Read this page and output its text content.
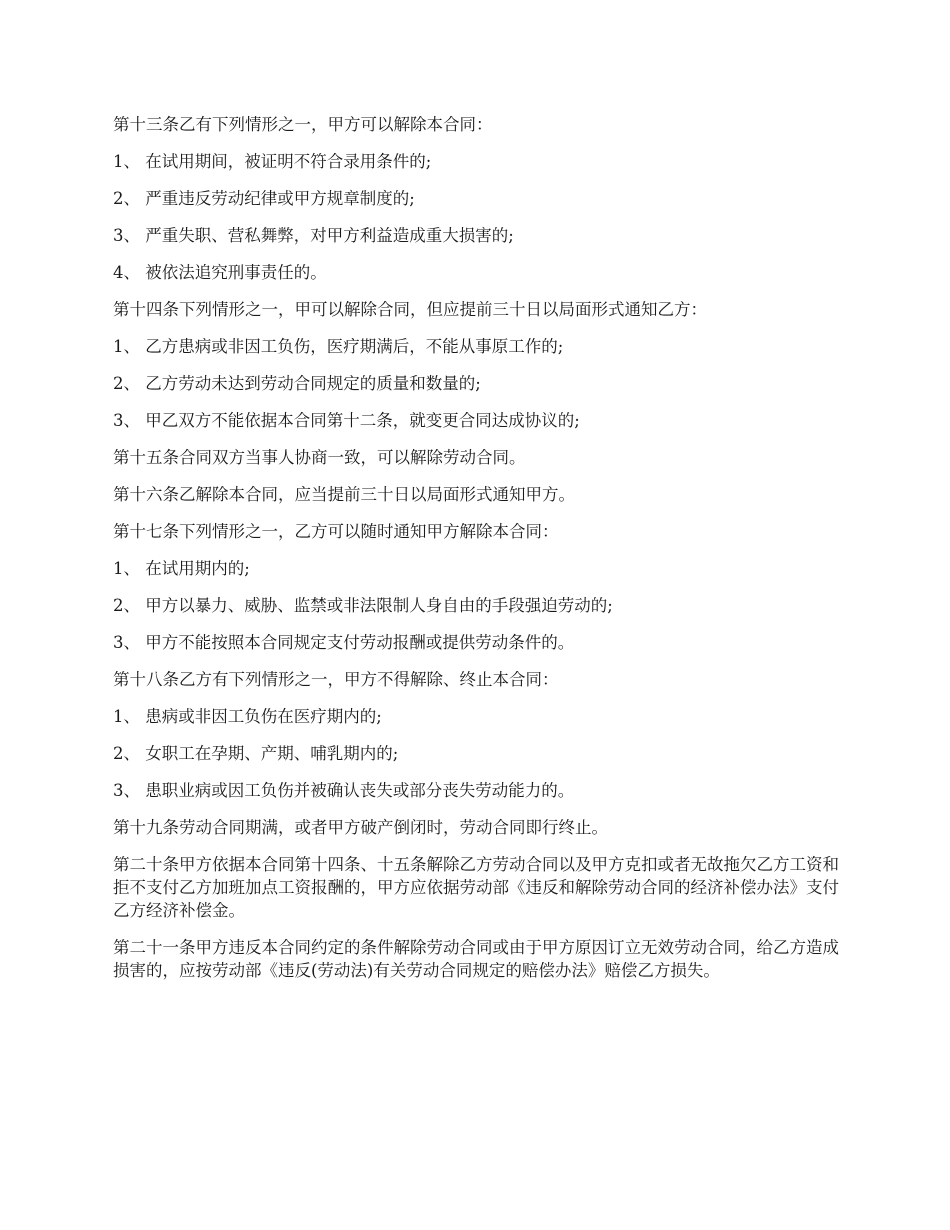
第十三条乙有下列情形之一，甲方可以解除本合同：

1、 在试用期间，被证明不符合录用条件的;

2、 严重违反劳动纪律或甲方规章制度的;

3、 严重失职、营私舞弊，对甲方利益造成重大损害的;

4、 被依法追究刑事责任的。

第十四条下列情形之一，甲可以解除合同，但应提前三十日以局面形式通知乙方：

1、 乙方患病或非因工负伤，医疗期满后，不能从事原工作的;

2、 乙方劳动未达到劳动合同规定的质量和数量的;

3、 甲乙双方不能依据本合同第十二条，就变更合同达成协议的;

第十五条合同双方当事人协商一致，可以解除劳动合同。

第十六条乙解除本合同，应当提前三十日以局面形式通知甲方。

第十七条下列情形之一，乙方可以随时通知甲方解除本合同：

1、 在试用期内的;

2、 甲方以暴力、威胁、监禁或非法限制人身自由的手段强迫劳动的;

3、 甲方不能按照本合同规定支付劳动报酬或提供劳动条件的。

第十八条乙方有下列情形之一，甲方不得解除、终止本合同：

1、 患病或非因工负伤在医疗期内的;

2、 女职工在孕期、产期、哺乳期内的;

3、 患职业病或因工负伤并被确认丧失或部分丧失劳动能力的。

第十九条劳动合同期满，或者甲方破产倒闭时，劳动合同即行终止。

第二十条甲方依据本合同第十四条、十五条解除乙方劳动合同以及甲方克扣或者无故拖欠乙方工资和拒不支付乙方加班加点工资报酬的，甲方应依据劳动部《违反和解除劳动合同的经济补偿办法》支付乙方经济补偿金。

第二十一条甲方违反本合同约定的条件解除劳动合同或由于甲方原因订立无效劳动合同，给乙方造成损害的，应按劳动部《违反(劳动法)有关劳动合同规定的赔偿办法》赔偿乙方损失。
